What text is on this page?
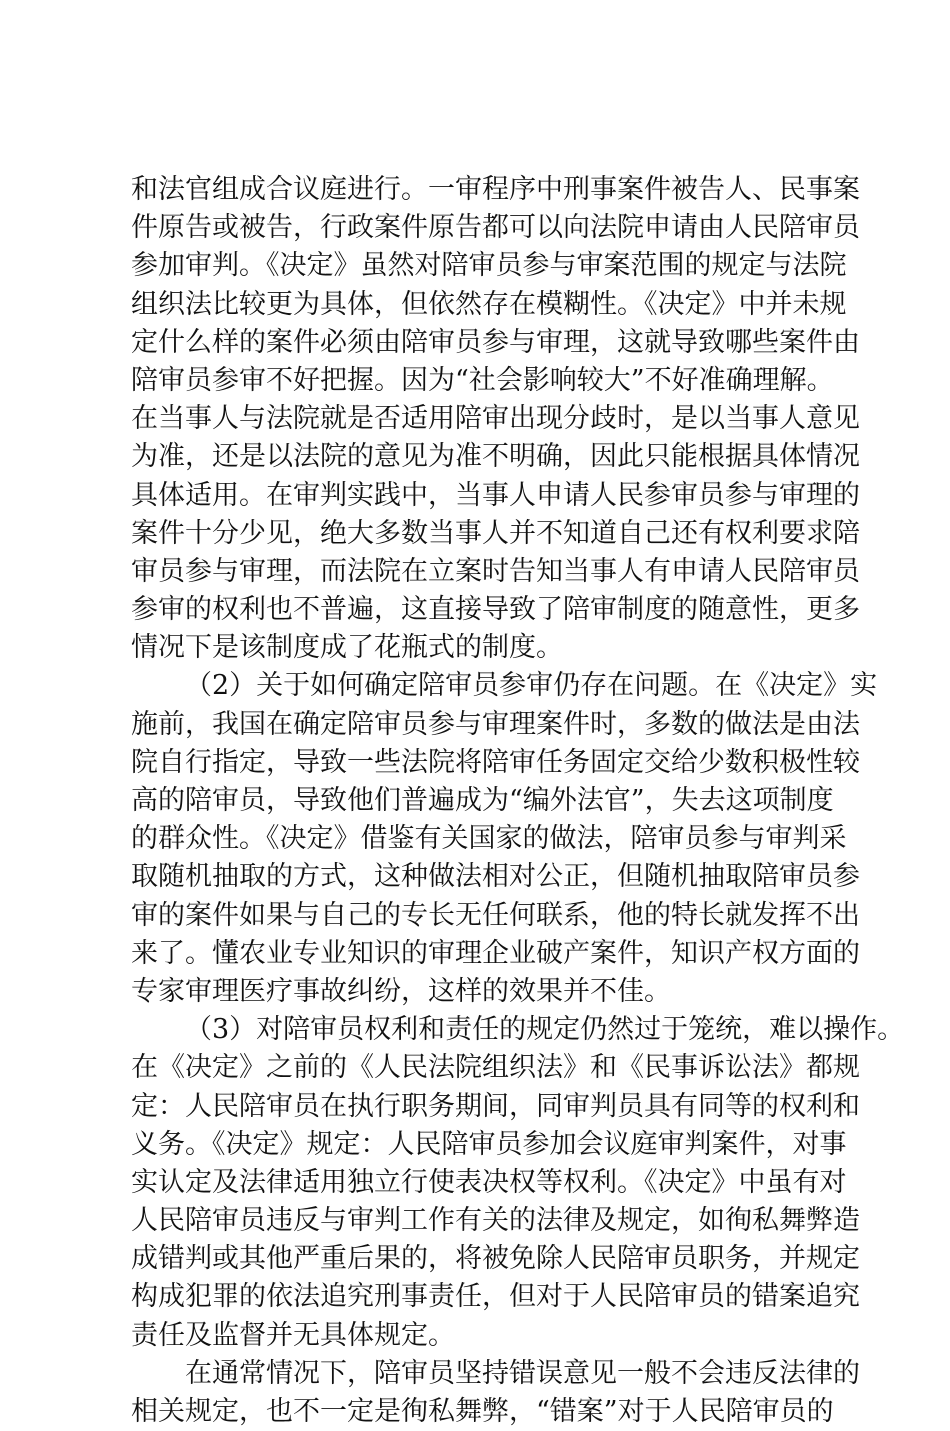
和法官组成合议庭进行。一审程序中刑事案件被告人、民事案
件原告或被告，行政案件原告都可以向法院申请由人民陪审员
参加审判。《决定》虽然对陪审员参与审案范围的规定与法院
组织法比较更为具体，但依然存在模糊性。《决定》中并未规
定什么样的案件必须由陪审员参与审理，这就导致哪些案件由
陪审员参审不好把握。因为“社会影响较大”不好准确理解。
在当事人与法院就是否适用陪审出现分歧时，是以当事人意见
为准，还是以法院的意见为准不明确，因此只能根据具体情况
具体适用。在审判实践中，当事人申请人民参审员参与审理的
案件十分少见，绝大多数当事人并不知道自己还有权利要求陪
审员参与审理，而法院在立案时告知当事人有申请人民陪审员
参审的权利也不普遍，这直接导致了陪审制度的随意性，更多
情况下是该制度成了花瓶式的制度。
（2）关于如何确定陪审员参审仍存在问题。在《决定》实
施前，我国在确定陪审员参与审理案件时，多数的做法是由法
院自行指定，导致一些法院将陪审任务固定交给少数积极性较
高的陪审员，导致他们普遍成为“编外法官”，失去这项制度
的群众性。《决定》借鉴有关国家的做法，陪审员参与审判采
取随机抽取的方式，这种做法相对公正，但随机抽取陪审员参
审的案件如果与自己的专长无任何联系，他的特长就发挥不出
来了。懂农业专业知识的审理企业破产案件，知识产权方面的
专家审理医疗事故纠纷，这样的效果并不佳。
（3）对陪审员权利和责任的规定仍然过于笼统，难以操作。
在《决定》之前的《人民法院组织法》和《民事诉讼法》都规
定：人民陪审员在执行职务期间，同审判员具有同等的权利和
义务。《决定》规定：人民陪审员参加会议庭审判案件，对事
实认定及法律适用独立行使表决权等权利。《决定》中虽有对
人民陪审员违反与审判工作有关的法律及规定，如徇私舞弊造
成错判或其他严重后果的，将被免除人民陪审员职务，并规定
构成犯罪的依法追究刑事责任，但对于人民陪审员的错案追究
责任及监督并无具体规定。
在通常情况下，陪审员坚持错误意见一般不会违反法律的
相关规定，也不一定是徇私舞弊，“错案”对于人民陪审员的
